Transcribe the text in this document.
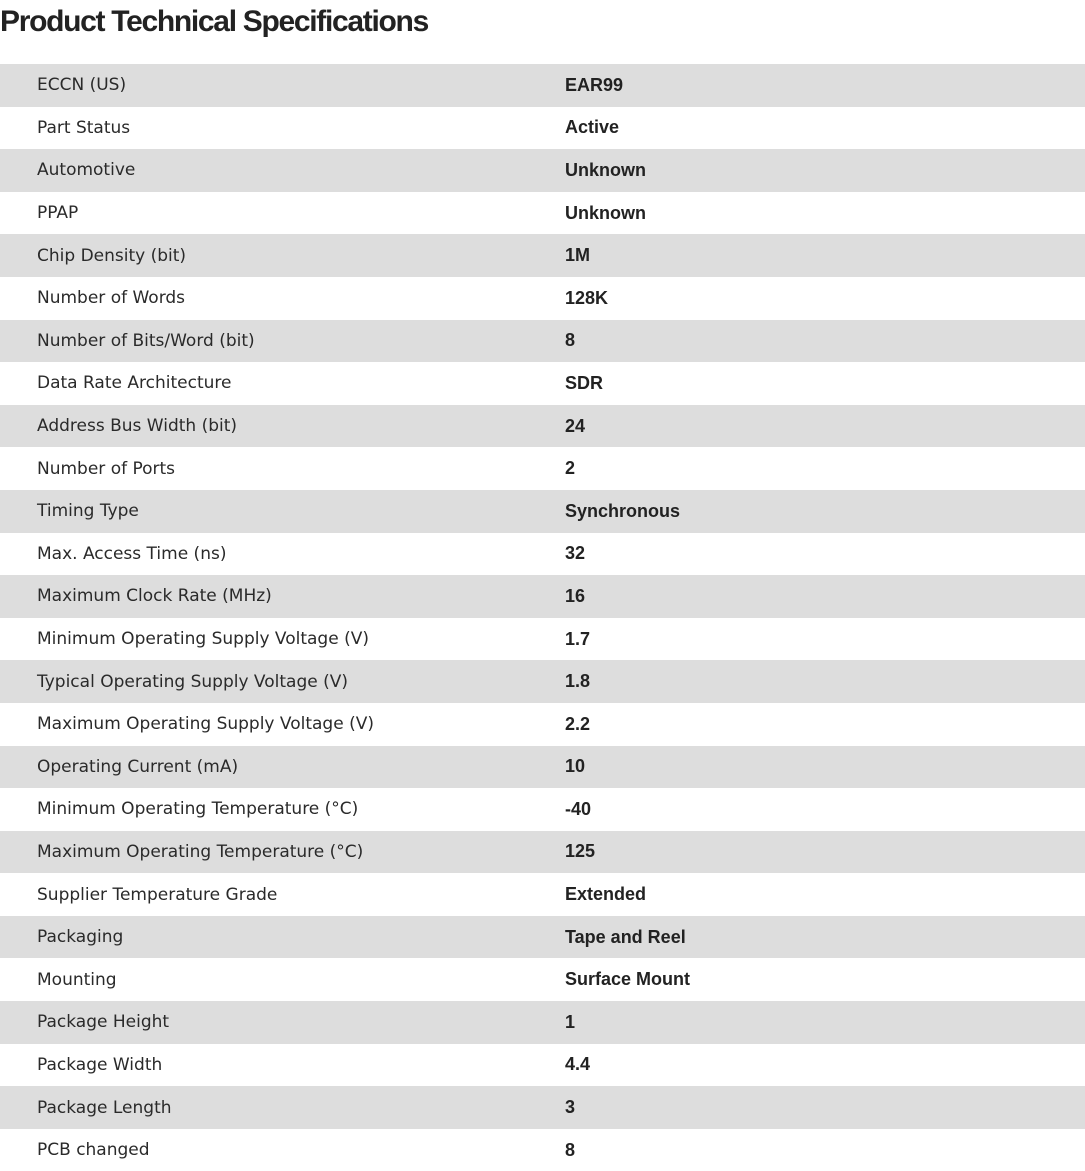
Product Technical Specifications
ECCN (US)	EAR99
Part Status	Active
Automotive	Unknown
PPAP	Unknown
Chip Density (bit)	1M
Number of Words	128K
Number of Bits/Word (bit)	8
Data Rate Architecture	SDR
Address Bus Width (bit)	24
Number of Ports	2
Timing Type	Synchronous
Max. Access Time (ns)	32
Maximum Clock Rate (MHz)	16
Minimum Operating Supply Voltage (V)	1.7
Typical Operating Supply Voltage (V)	1.8
Maximum Operating Supply Voltage (V)	2.2
Operating Current (mA)	10
Minimum Operating Temperature (°C)	-40
Maximum Operating Temperature (°C)	125
Supplier Temperature Grade	Extended
Packaging	Tape and Reel
Mounting	Surface Mount
Package Height	1
Package Width	4.4
Package Length	3
PCB changed	8
